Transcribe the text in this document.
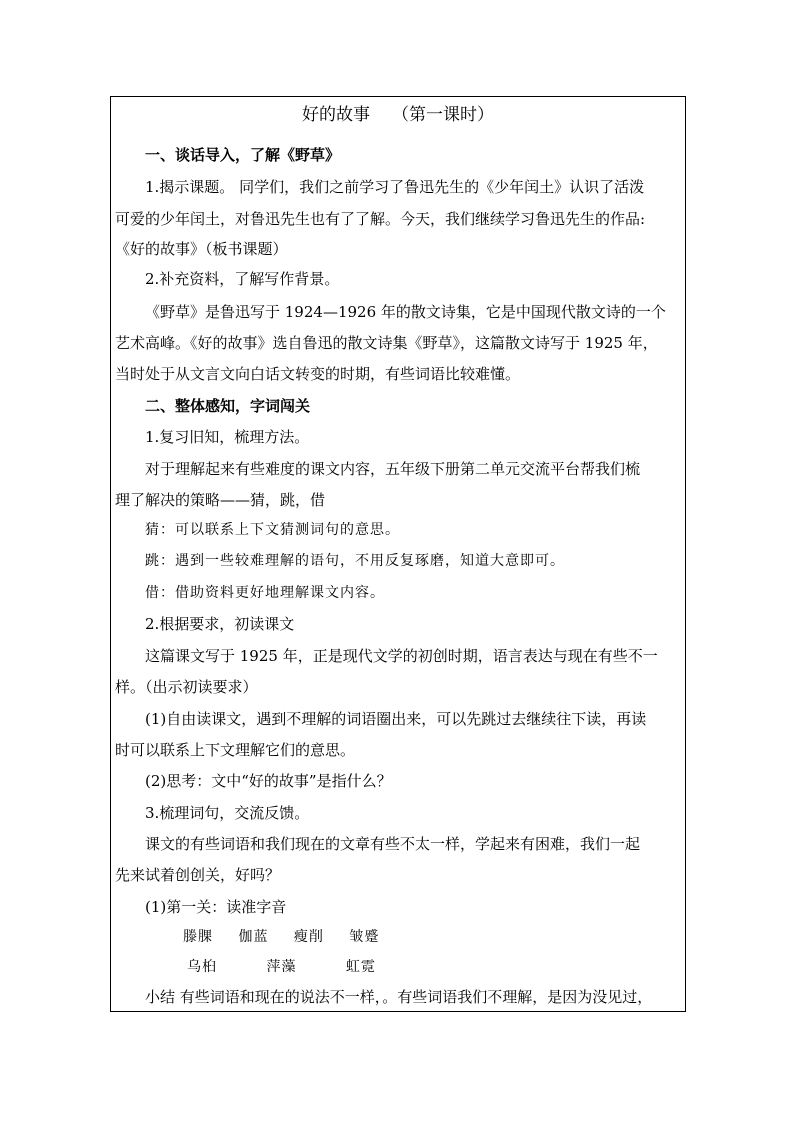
好的故事 （第一课时）
一、谈话导入，了解《野草》
1.揭示课题。 同学们，我们之前学习了鲁迅先生的《少年闰土》认识了活泼
可爱的少年闰土，对鲁迅先生也有了了解。今天，我们继续学习鲁迅先生的作品:
《好的故事》（板书课题）
2.补充资料，了解写作背景。
《野草》是鲁迅写于 1924—1926 年的散文诗集，它是中国现代散文诗的一个
艺术高峰。《好的故事》选自鲁迅的散文诗集《野草》，这篇散文诗写于 1925 年，
当时处于从文言文向白话文转变的时期，有些词语比较难懂。
二、整体感知，字词闯关
1.复习旧知，梳理方法。
对于理解起来有些难度的课文内容，五年级下册第二单元交流平台帮我们梳
理了解决的策略——猜，跳，借
猜：可以联系上下文猜测词句的意思。
跳：遇到一些较难理解的语句，不用反复琢磨，知道大意即可。
借：借助资料更好地理解课文内容。
2.根据要求，初读课文
这篇课文写于 1925 年，正是现代文学的初创时期，语言表达与现在有些不一
样。（出示初读要求）
(1)自由读课文，遇到不理解的词语圈出来，可以先跳过去继续往下读，再读
时可以联系上下文理解它们的意思。
(2)思考：文中“好的故事”是指什么？
3.梳理词句，交流反馈。
课文的有些词语和我们现在的文章有些不太一样，学起来有困难，我们一起
先来试着创创关，好吗？
(1)第一关：读准字音
滕腂 伽蓝 瘦削 皱蹙
乌桕	萍藻	虹霓
小结 有些词语和现在的说法不一样，。有些词语我们不理解，是因为没见过，
